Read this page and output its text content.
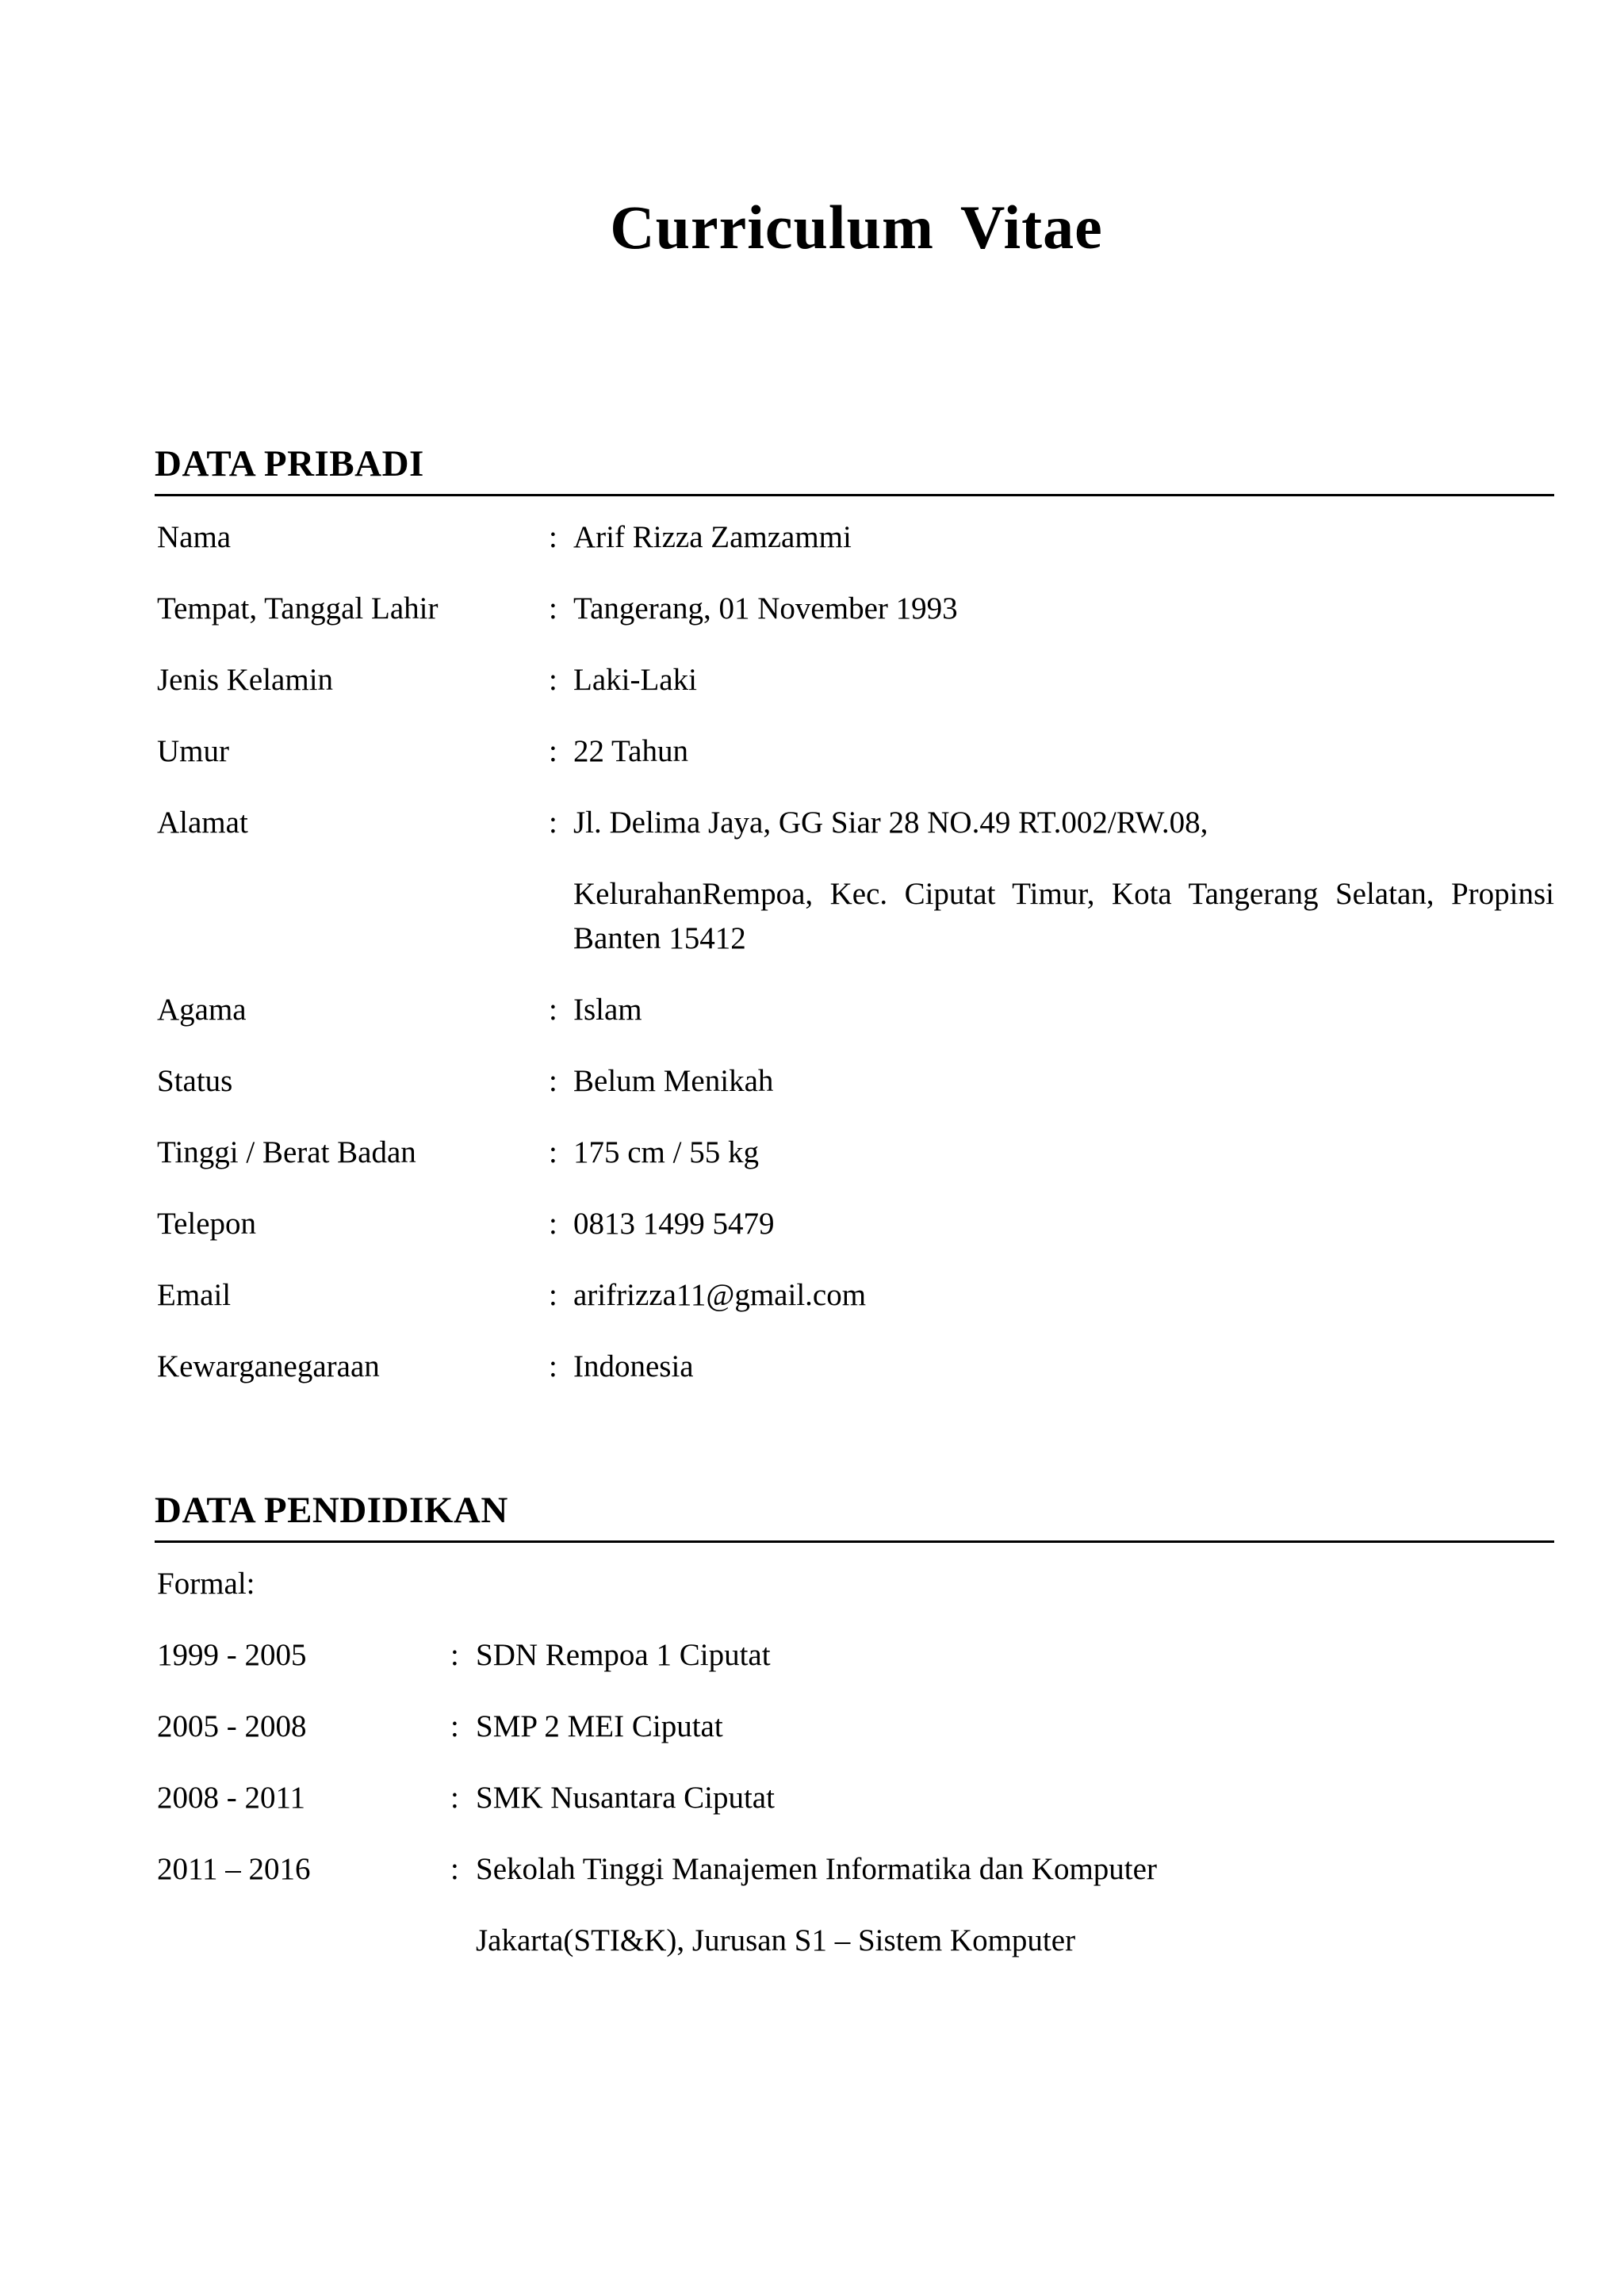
Curriculum Vitae
DATA PRIBADI
Nama	: Arif Rizza Zamzammi
Tempat, Tanggal Lahir	: Tangerang, 01 November 1993
Jenis Kelamin	: Laki-Laki
Umur	: 22 Tahun
Alamat	: Jl. Delima Jaya, GG Siar 28 NO.49 RT.002/RW.08,
KelurahanRempoa, Kec. Ciputat Timur, Kota Tangerang Selatan, Propinsi Banten 15412
Agama	: Islam
Status	: Belum Menikah
Tinggi / Berat Badan	: 175 cm / 55 kg
Telepon	: 0813 1499 5479
Email	: arifrizza11@gmail.com
Kewarganegaraan	: Indonesia
DATA PENDIDIKAN
Formal:
1999 - 2005	: SDN Rempoa 1 Ciputat
2005 - 2008	: SMP 2 MEI Ciputat
2008 - 2011	: SMK Nusantara Ciputat
2011 – 2016	: Sekolah Tinggi Manajemen Informatika dan Komputer
Jakarta(STI&K), Jurusan S1 – Sistem Komputer
